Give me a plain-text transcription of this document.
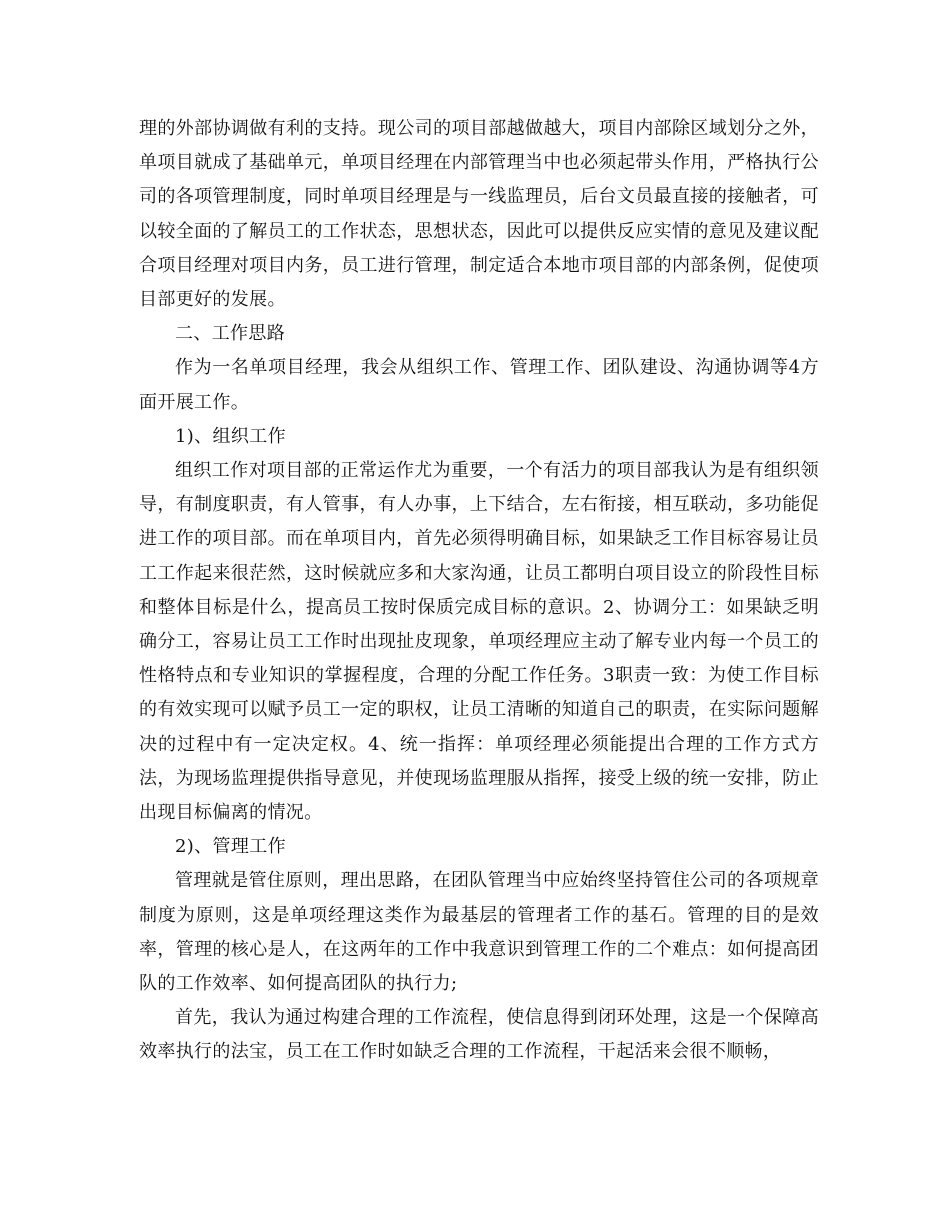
理的外部协调做有利的支持。现公司的项目部越做越大，项目内部除区域划分之外，单项目就成了基础单元，单项目经理在内部管理当中也必须起带头作用，严格执行公司的各项管理制度，同时单项目经理是与一线监理员，后台文员最直接的接触者，可以较全面的了解员工的工作状态，思想状态，因此可以提供反应实情的意见及建议配合项目经理对项目内务，员工进行管理，制定适合本地市项目部的内部条例，促使项目部更好的发展。

二、工作思路

作为一名单项目经理，我会从组织工作、管理工作、团队建设、沟通协调等4方面开展工作。

1)、组织工作

组织工作对项目部的正常运作尤为重要，一个有活力的项目部我认为是有组织领导，有制度职责，有人管事，有人办事，上下结合，左右衔接，相互联动，多功能促进工作的项目部。而在单项目内，首先必须得明确目标，如果缺乏工作目标容易让员工工作起来很茫然，这时候就应多和大家沟通，让员工都明白项目设立的阶段性目标和整体目标是什么，提高员工按时保质完成目标的意识。2、协调分工：如果缺乏明确分工，容易让员工工作时出现扯皮现象，单项经理应主动了解专业内每一个员工的性格特点和专业知识的掌握程度，合理的分配工作任务。3职责一致：为使工作目标的有效实现可以赋予员工一定的职权，让员工清晰的知道自己的职责，在实际问题解决的过程中有一定决定权。4、统一指挥：单项经理必须能提出合理的工作方式方法，为现场监理提供指导意见，并使现场监理服从指挥，接受上级的统一安排，防止出现目标偏离的情况。

2)、管理工作

管理就是管住原则，理出思路，在团队管理当中应始终坚持管住公司的各项规章制度为原则，这是单项经理这类作为最基层的管理者工作的基石。管理的目的是效率，管理的核心是人，在这两年的工作中我意识到管理工作的二个难点：如何提高团队的工作效率、如何提高团队的执行力;

首先，我认为通过构建合理的工作流程，使信息得到闭环处理，这是一个保障高效率执行的法宝，员工在工作时如缺乏合理的工作流程，干起活来会很不顺畅，
